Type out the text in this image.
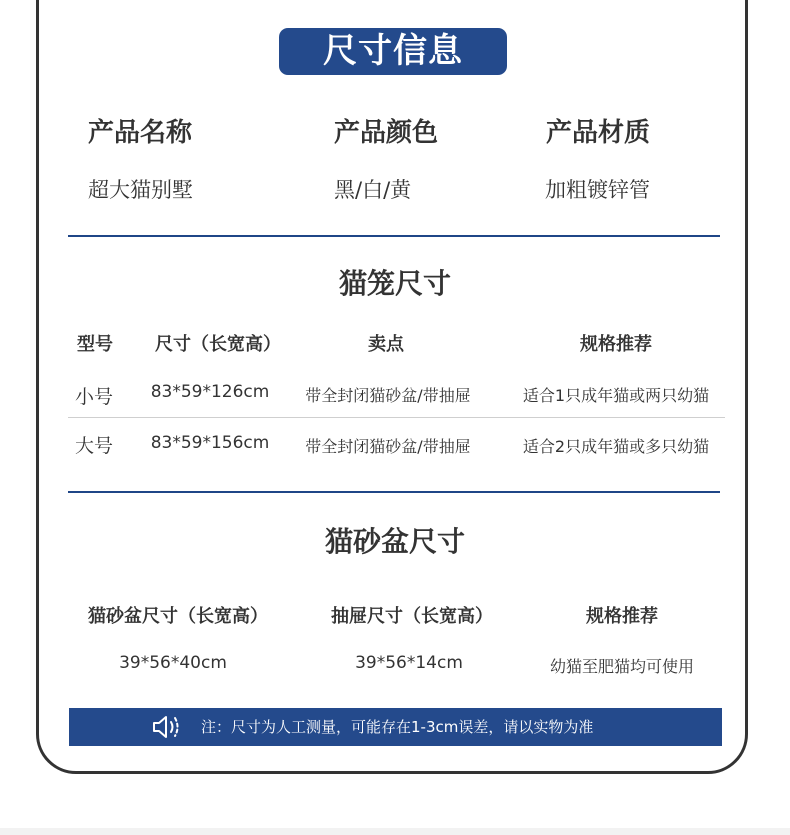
尺寸信息
产品名称	产品颜色	产品材质
超大猫别墅	黑/白/黄	加粗镀锌管
猫笼尺寸
型号	尺寸（长宽高）	卖点	规格推荐
小号	83*59*126cm	带全封闭猫砂盆/带抽屉	适合1只成年猫或两只幼猫
大号	83*59*156cm	带全封闭猫砂盆/带抽屉	适合2只成年猫或多只幼猫
猫砂盆尺寸
猫砂盆尺寸（长宽高）	抽屉尺寸（长宽高）	规格推荐
39*56*40cm	39*56*14cm	幼猫至肥猫均可使用
注：尺寸为人工测量，可能存在1-3cm误差，请以实物为准
